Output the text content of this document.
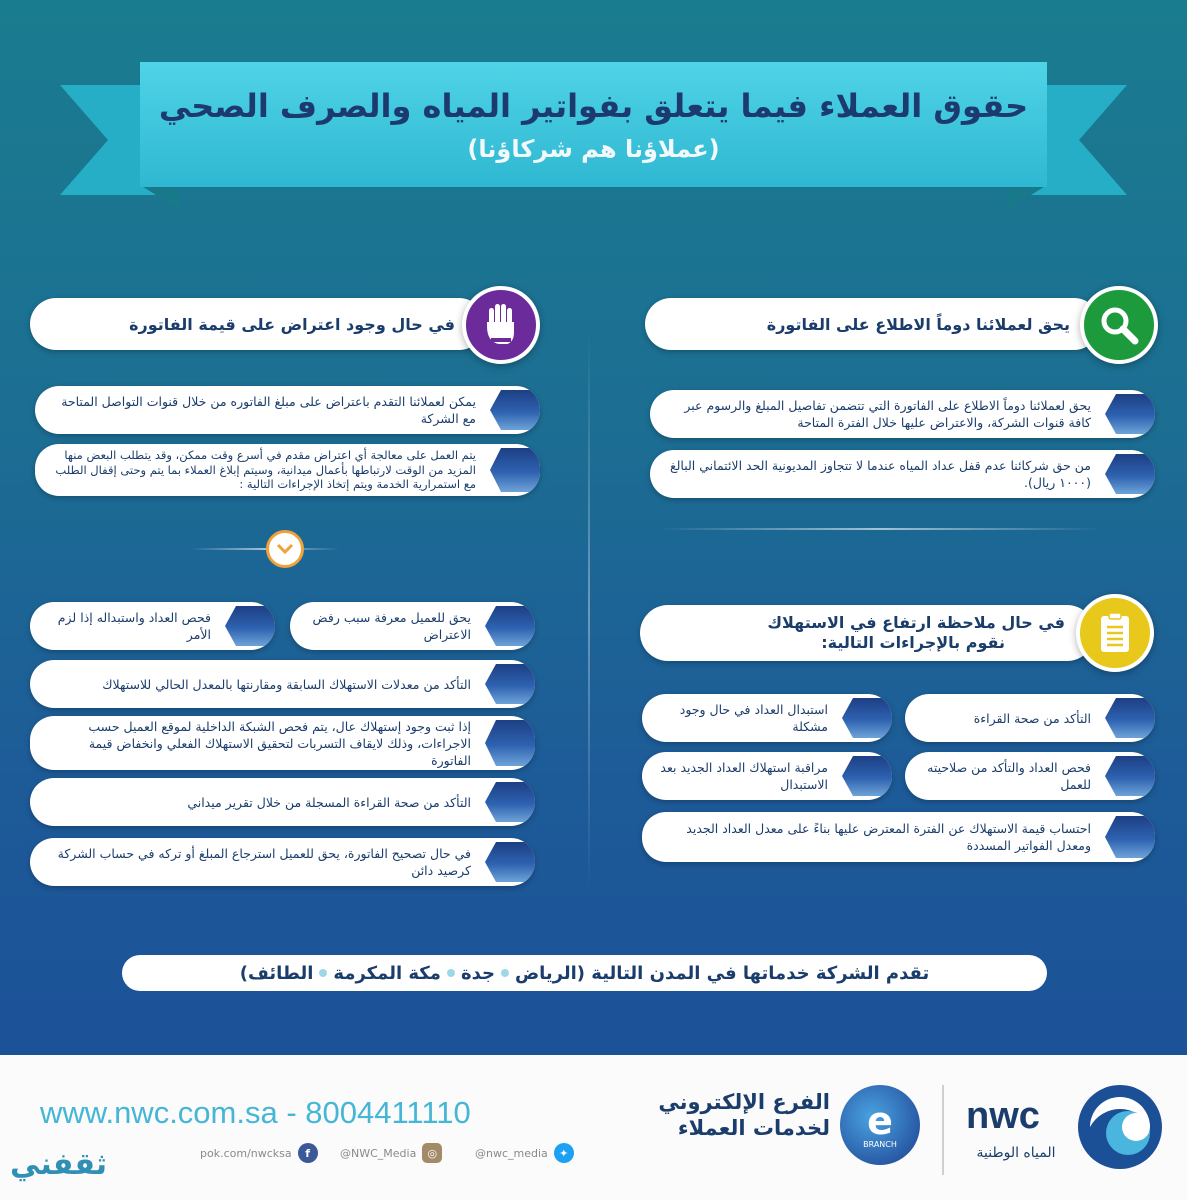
حقوق العملاء فيما يتعلق بفواتير المياه والصرف الصحي
(عملاؤنا هم شركاؤنا)
يحق لعملائنا دوماً الاطلاع على الفاتورة
يحق لعملائنا دوماً الاطلاع على الفاتورة التي تتضمن تفاصيل المبلغ والرسوم عبر كافة قنوات الشركة، والاعتراض عليها خلال الفترة المتاحة
من حق شركائنا عدم قفل عداد المياه عندما لا تتجاوز المديونية الحد الائتماني البالغ (١٠٠٠ ريال).
في حال وجود اعتراض على قيمة الفاتورة
يمكن لعملائنا التقدم باعتراض على مبلغ الفاتوره من خلال قنوات التواصل المتاحة مع الشركة
يتم العمل على معالجة أي اعتراض مقدم في أسرع وقت ممكن، وقد يتطلب البعض منها المزيد من الوقت لارتباطها بأعمال ميدانية، وسيتم إبلاغ العملاء بما يتم وحتى إقفال الطلب مع استمرارية الخدمة ويتم إتخاذ الإجراءات التالية :
يحق للعميل معرفة سبب رفض الاعتراض
فحص العداد واستبداله إذا لزم الأمر
التأكد من معدلات الاستهلاك السابقة ومقارنتها بالمعدل الحالي للاستهلاك
إذا ثبت وجود إستهلاك عال، يتم فحص الشبكة الداخلية لموقع العميل حسب الاجراءات، وذلك لايقاف التسربات لتحقيق الاستهلاك الفعلي وانخفاض قيمة الفاتورة
التأكد من صحة القراءة المسجلة من خلال تقرير ميداني
في حال تصحيح الفاتورة، يحق للعميل استرجاع المبلغ أو تركه في حساب الشركة كرصيد دائن
في حال ملاحظة ارتفاع في الاستهلاك
نقوم بالإجراءات التالية:
التأكد من صحة القراءة
استبدال العداد في حال وجود مشكلة
فحص العداد والتأكد من صلاحيته للعمل
مراقبة استهلاك العداد الجديد بعد الاستبدال
احتساب قيمة الاستهلاك عن الفترة المعترض عليها بناءً على معدل العداد الجديد ومعدل الفواتير المسددة
تقدم الشركة خدماتها في المدن التالية (الرياض
جدة
مكة المكرمة
الطائف)
www.nwc.com.sa - 8004411110
pok.com/nwcksa	f	@NWC_Media	◎	@nwc_media	✦
الفرع الإلكتروني
لخدمات العملاء e
BRANCH
nwc
المياه الوطنية
ثقفني
